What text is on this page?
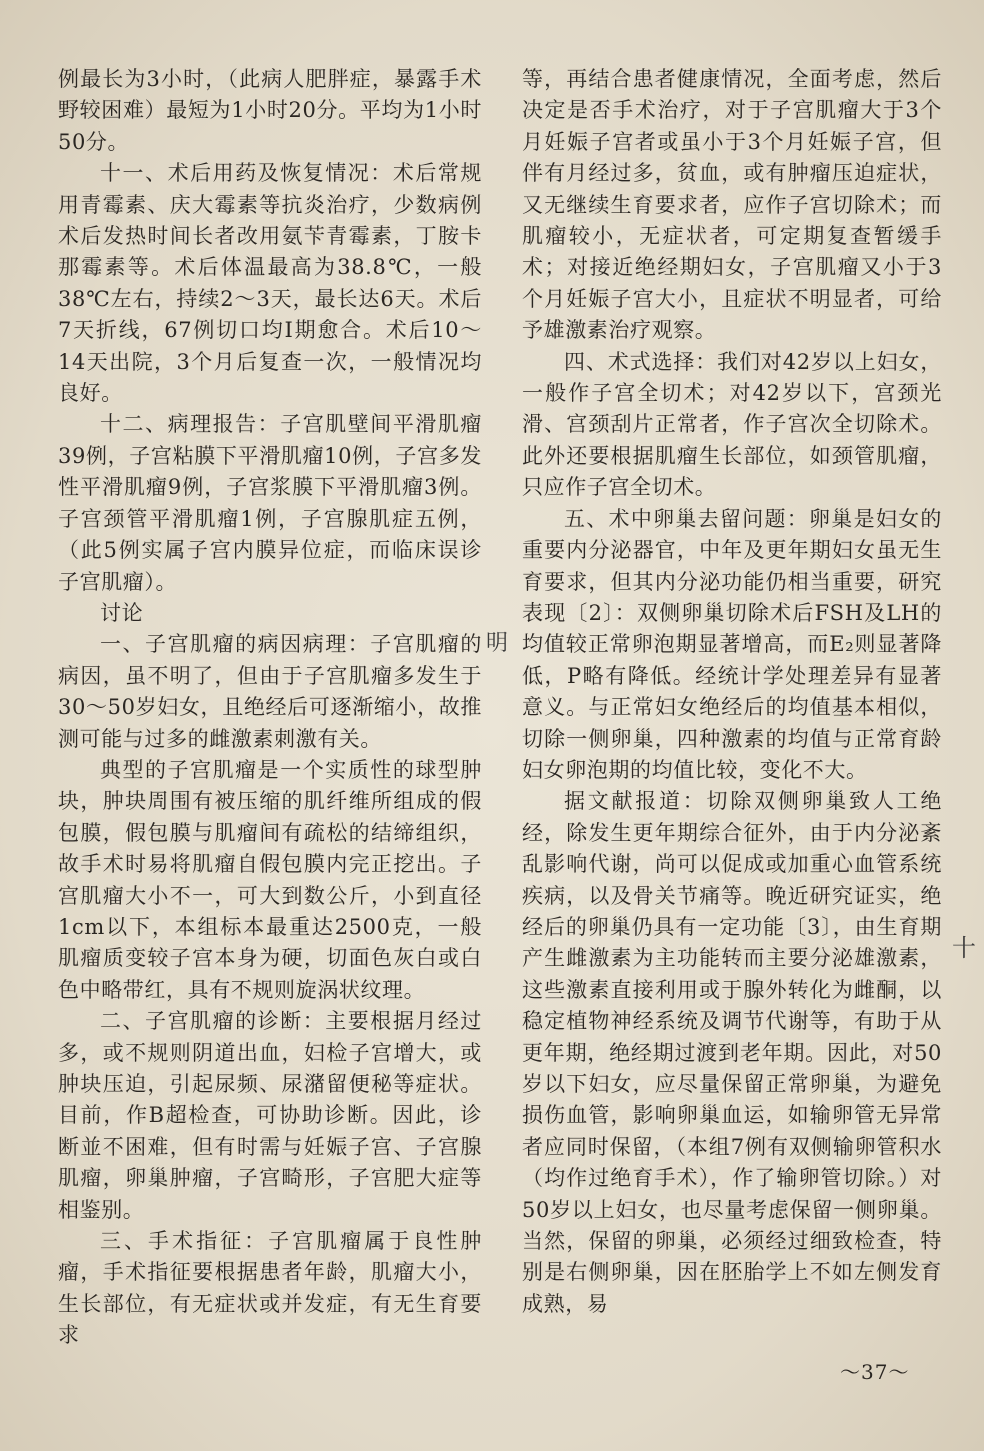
例最长为3小时，（此病人肥胖症，暴露手术野较困难）最短为1小时20分。平均为1小时50分。

十一、术后用药及恢复情况：术后常规用青霉素、庆大霉素等抗炎治疗，少数病例术后发热时间长者改用氨苄青霉素，丁胺卡那霉素等。术后体温最高为38.8℃，一般38℃左右，持续2～3天，最长达6天。术后7天折线，67例切口均Ⅰ期愈合。术后10～14天出院，3个月后复查一次，一般情况均良好。

十二、病理报告：子宫肌壁间平滑肌瘤39例，子宫粘膜下平滑肌瘤10例，子宫多发性平滑肌瘤9例，子宫浆膜下平滑肌瘤3例。子宫颈管平滑肌瘤1例，子宫腺肌症五例，（此5例实属子宫内膜异位症，而临床误诊子宫肌瘤）。

讨论

一、子宫肌瘤的病因病理：子宫肌瘤的病因，虽不明了，但由于子宫肌瘤多发生于30～50岁妇女，且绝经后可逐渐缩小，故推测可能与过多的雌激素刺激有关。

典型的子宫肌瘤是一个实质性的球型肿块，肿块周围有被压缩的肌纤维所组成的假包膜，假包膜与肌瘤间有疏松的结缔组织，故手术时易将肌瘤自假包膜内完正挖出。子宫肌瘤大小不一，可大到数公斤，小到直径1cm以下，本组标本最重达2500克，一般肌瘤质变较子宫本身为硬，切面色灰白或白色中略带红，具有不规则旋涡状纹理。

二、子宫肌瘤的诊断：主要根据月经过多，或不规则阴道出血，妇检子宫增大，或肿块压迫，引起尿频、尿潴留便秘等症状。目前，作B超检查，可协助诊断。因此，诊断並不困难，但有时需与妊娠子宫、子宫腺肌瘤，卵巢肿瘤，子宫畸形，子宫肥大症等相鉴别。

三、手术指征：子宫肌瘤属于良性肿瘤，手术指征要根据患者年龄，肌瘤大小，生长部位，有无症状或并发症，有无生育要求

等，再结合患者健康情况，全面考虑，然后决定是否手术治疗，对于子宫肌瘤大于3个月妊娠子宫者或虽小于3个月妊娠子宫，但伴有月经过多，贫血，或有肿瘤压迫症状，又无继续生育要求者，应作子宫切除术；而肌瘤较小，无症状者，可定期复查暂缓手术；对接近绝经期妇女，子宫肌瘤又小于3个月妊娠子宫大小，且症状不明显者，可给予雄激素治疗观察。

四、术式选择：我们对42岁以上妇女，一般作子宫全切术；对42岁以下，宫颈光滑、宫颈刮片正常者，作子宫次全切除术。此外还要根据肌瘤生长部位，如颈管肌瘤，只应作子宫全切术。

五、术中卵巢去留问题：卵巢是妇女的重要内分泌器官，中年及更年期妇女虽无生育要求，但其内分泌功能仍相当重要，研究表现〔2〕：双侧卵巢切除术后FSH及LH的均值较正常卵泡期显著增高，而E₂则显著降低，P略有降低。经统计学处理差异有显著意义。与正常妇女绝经后的均值基本相似，切除一侧卵巢，四种激素的均值与正常育龄妇女卵泡期的均值比较，变化不大。

据文献报道：切除双侧卵巢致人工绝经，除发生更年期综合征外，由于内分泌紊乱影响代谢，尚可以促成或加重心血管系统疾病，以及骨关节痛等。晚近研究证实，绝经后的卵巢仍具有一定功能〔3〕，由生育期产生雌激素为主功能转而主要分泌雄激素，这些激素直接利用或于腺外转化为雌酮，以稳定植物神经系统及调节代谢等，有助于从更年期，绝经期过渡到老年期。因此，对50岁以下妇女，应尽量保留正常卵巢，为避免损伤血管，影响卵巢血运，如输卵管无异常者应同时保留，（本组7例有双侧输卵管积水（均作过绝育手术），作了输卵管切除。）对50岁以上妇女，也尽量考虑保留一侧卵巢。当然，保留的卵巢，必须经过细致检查，特别是右侧卵巢，因在胚胎学上不如左侧发育成熟，易

明
十
～37～
